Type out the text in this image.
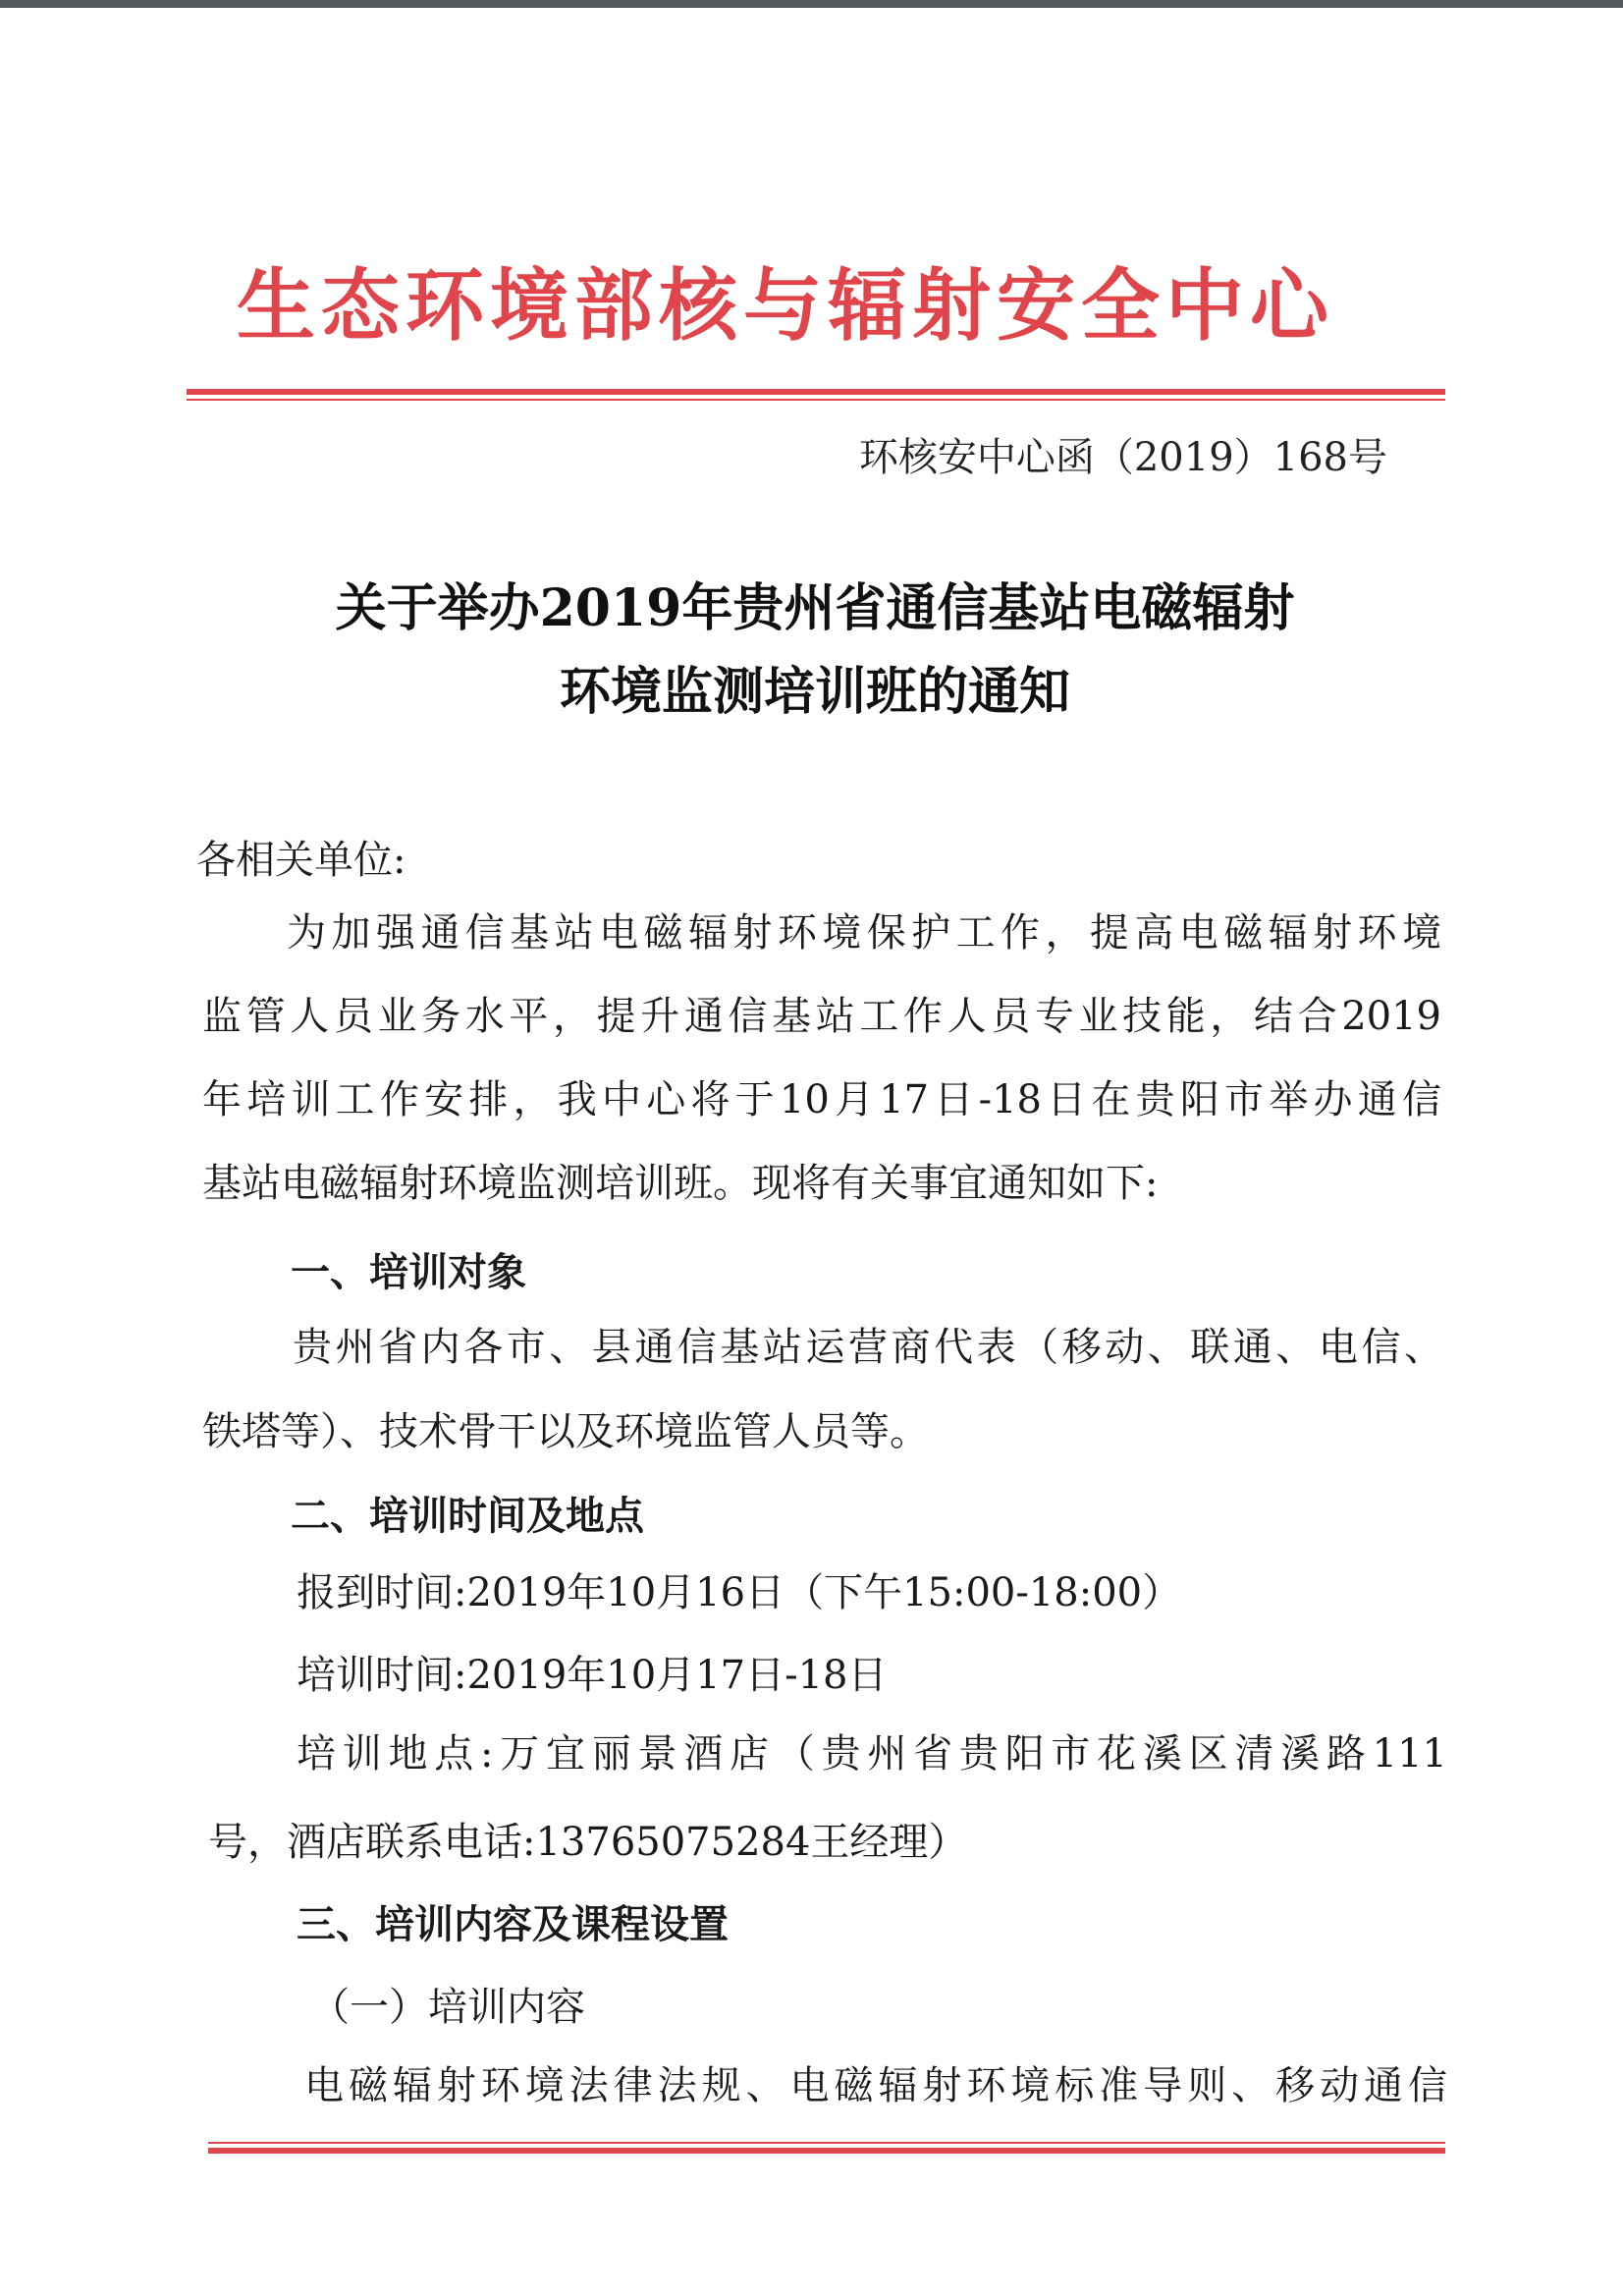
生态环境部核与辐射安全中心
环核安中心函（2019）168号
关于举办2019年贵州省通信基站电磁辐射
环境监测培训班的通知
各相关单位:
为加强通信基站电磁辐射环境保护工作，提高电磁辐射环境
监管人员业务水平，提升通信基站工作人员专业技能，结合2019
年培训工作安排，我中心将于10月17日-18日在贵阳市举办通信
基站电磁辐射环境监测培训班。现将有关事宜通知如下:
一、培训对象
贵州省内各市、县通信基站运营商代表（移动、联通、电信、
铁塔等）、技术骨干以及环境监管人员等。
二、培训时间及地点
报到时间:2019年10月16日（下午15:00-18:00）
培训时间:2019年10月17日-18日
培训地点:万宜丽景酒店（贵州省贵阳市花溪区清溪路111
号，酒店联系电话:13765075284王经理）
三、培训内容及课程设置
（一）培训内容
电磁辐射环境法律法规、电磁辐射环境标准导则、移动通信
